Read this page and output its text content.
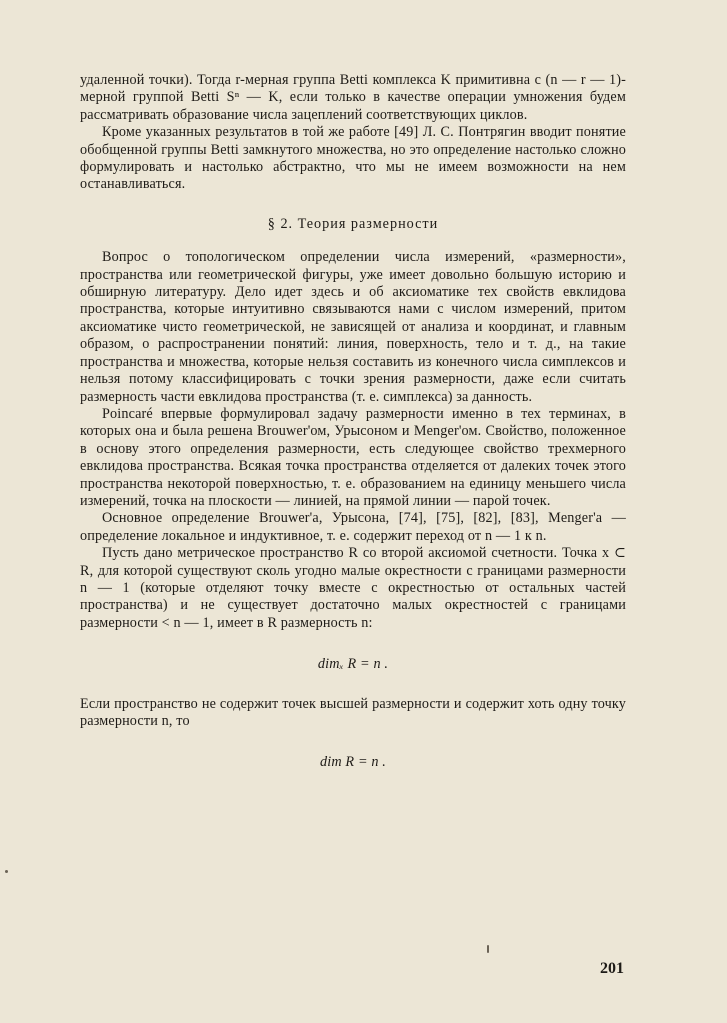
удаленной точки). Тогда r-мерная группа Betti комплекса K примитивна с (n — r — 1)-мерной группой Betti Sⁿ — K, если только в качестве операции умножения будем рассматривать образование числа зацеплений соответствующих циклов.

Кроме указанных результатов в той же работе [49] Л. С. Понтрягин вводит понятие обобщенной группы Betti замкнутого множества, но это определение настолько сложно формулировать и настолько абстрактно, что мы не имеем возможности на нем останавливаться.

§ 2. Теория размерности

Вопрос о топологическом определении числа измерений, «размерности», пространства или геометрической фигуры, уже имеет довольно большую историю и обширную литературу. Дело идет здесь и об аксиоматике тех свойств евклидова пространства, которые интуитивно связываются нами с числом измерений, притом аксиоматике чисто геометрической, не зависящей от анализа и координат, и главным образом, о распространении понятий: линия, поверхность, тело и т. д., на такие пространства и множества, которые нельзя составить из конечного числа симплексов и нельзя потому классифицировать с точки зрения размерности, даже если считать размерность части евклидова пространства (т. е. симплекса) за данность.

Poincaré впервые формулировал задачу размерности именно в тех терминах, в которых она и была решена Brouwer'ом, Урысоном и Menger'ом. Свойство, положенное в основу этого определения размерности, есть следующее свойство трехмерного евклидова пространства. Всякая точка пространства отделяется от далеких точек этого пространства некоторой поверхностью, т. е. образованием на единицу меньшего числа измерений, точка на плоскости — линией, на прямой линии — парой точек.

Основное определение Brouwer'а, Урысона, [74], [75], [82], [83], Menger'а — определение локальное и индуктивное, т. е. содержит переход от n — 1 к n.

Пусть дано метрическое пространство R со второй аксиомой счетности. Точка x ⊂ R, для которой существуют сколь угодно малые окрестности с границами размерности n — 1 (которые отделяют точку вместе с окрестностью от остальных частей пространства) и не существует достаточно малых окрестностей с границами размерности < n — 1, имеет в R размерность n:

dimₓ R = n .

Если пространство не содержит точек высшей размерности и содержит хоть одну точку размерности n, то

dim R = n .
201
